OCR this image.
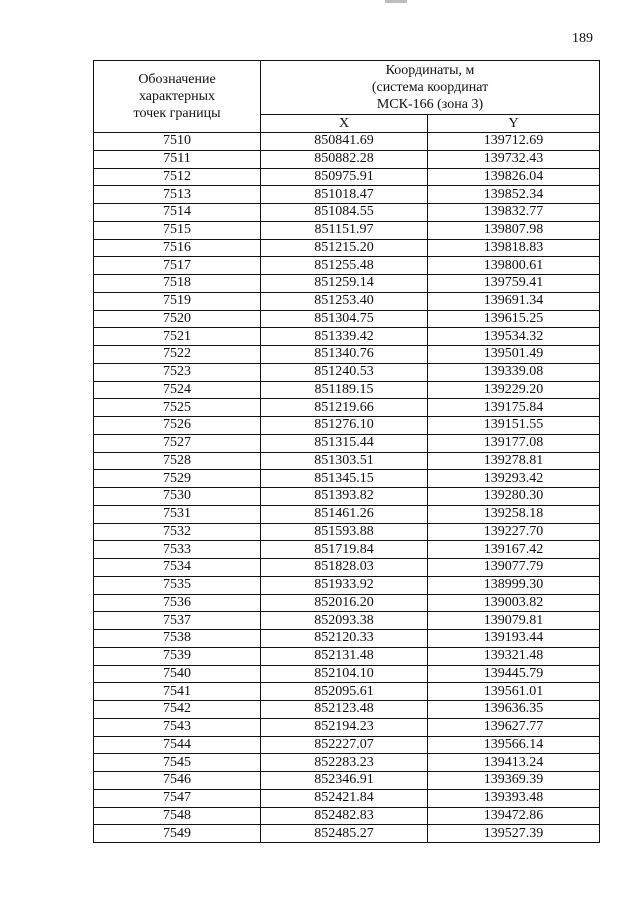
189
Обозначение
характерных
точек границы	Координаты, м
(система координат
МСК-166 (зона 3)	

	X	Y
7510	850841.69	139712.69
7511	850882.28	139732.43
7512	850975.91	139826.04
7513	851018.47	139852.34
7514	851084.55	139832.77
7515	851151.97	139807.98
7516	851215.20	139818.83
7517	851255.48	139800.61
7518	851259.14	139759.41
7519	851253.40	139691.34
7520	851304.75	139615.25
7521	851339.42	139534.32
7522	851340.76	139501.49
7523	851240.53	139339.08
7524	851189.15	139229.20
7525	851219.66	139175.84
7526	851276.10	139151.55
7527	851315.44	139177.08
7528	851303.51	139278.81
7529	851345.15	139293.42
7530	851393.82	139280.30
7531	851461.26	139258.18
7532	851593.88	139227.70
7533	851719.84	139167.42
7534	851828.03	139077.79
7535	851933.92	138999.30
7536	852016.20	139003.82
7537	852093.38	139079.81
7538	852120.33	139193.44
7539	852131.48	139321.48
7540	852104.10	139445.79
7541	852095.61	139561.01
7542	852123.48	139636.35
7543	852194.23	139627.77
7544	852227.07	139566.14
7545	852283.23	139413.24
7546	852346.91	139369.39
7547	852421.84	139393.48
7548	852482.83	139472.86
7549	852485.27	139527.39
